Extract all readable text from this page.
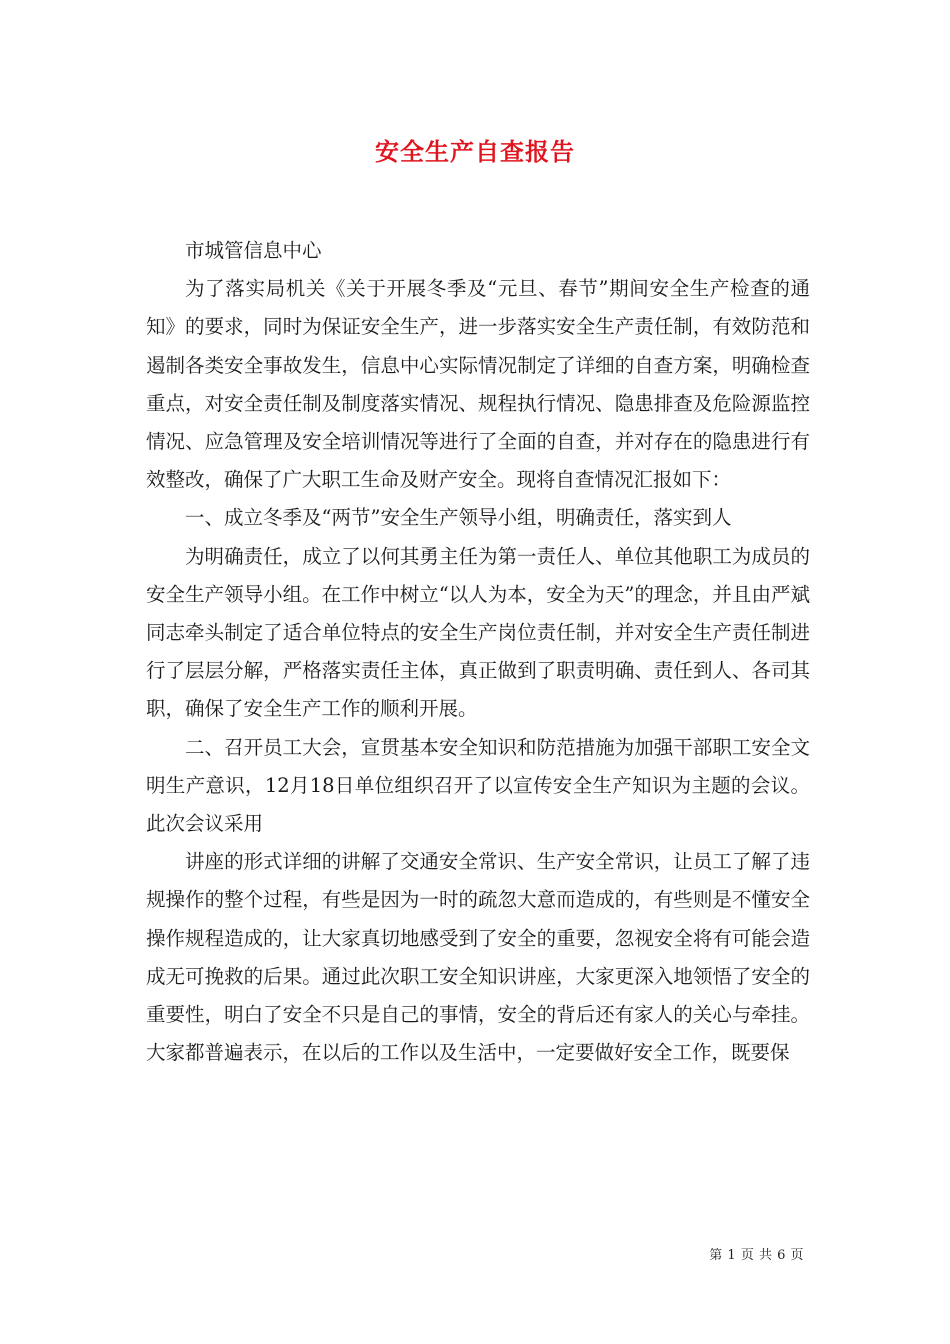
安全生产自查报告

市城管信息中心

为了落实局机关《关于开展冬季及“元旦、春节”期间安全生产检查的通知》的要求，同时为保证安全生产，进一步落实安全生产责任制，有效防范和遏制各类安全事故发生，信息中心实际情况制定了详细的自查方案，明确检查重点，对安全责任制及制度落实情况、规程执行情况、隐患排查及危险源监控情况、应急管理及安全培训情况等进行了全面的自查，并对存在的隐患进行有效整改，确保了广大职工生命及财产安全。现将自查情况汇报如下：

一、成立冬季及“两节”安全生产领导小组，明确责任，落实到人

为明确责任，成立了以何其勇主任为第一责任人、单位其他职工为成员的安全生产领导小组。在工作中树立“以人为本，安全为天”的理念，并且由严斌同志牵头制定了适合单位特点的安全生产岗位责任制，并对安全生产责任制进行了层层分解，严格落实责任主体，真正做到了职责明确、责任到人、各司其职，确保了安全生产工作的顺利开展。

二、召开员工大会，宣贯基本安全知识和防范措施为加强干部职工安全文明生产意识，12月18日单位组织召开了以宣传安全生产知识为主题的会议。此次会议采用

讲座的形式详细的讲解了交通安全常识、生产安全常识，让员工了解了违规操作的整个过程，有些是因为一时的疏忽大意而造成的，有些则是不懂安全操作规程造成的，让大家真切地感受到了安全的重要，忽视安全将有可能会造成无可挽救的后果。通过此次职工安全知识讲座，大家更深入地领悟了安全的重要性，明白了安全不只是自己的事情，安全的背后还有家人的关心与牵挂。大家都普遍表示，在以后的工作以及生活中，一定要做好安全工作，既要保

第 1 页 共 6 页
